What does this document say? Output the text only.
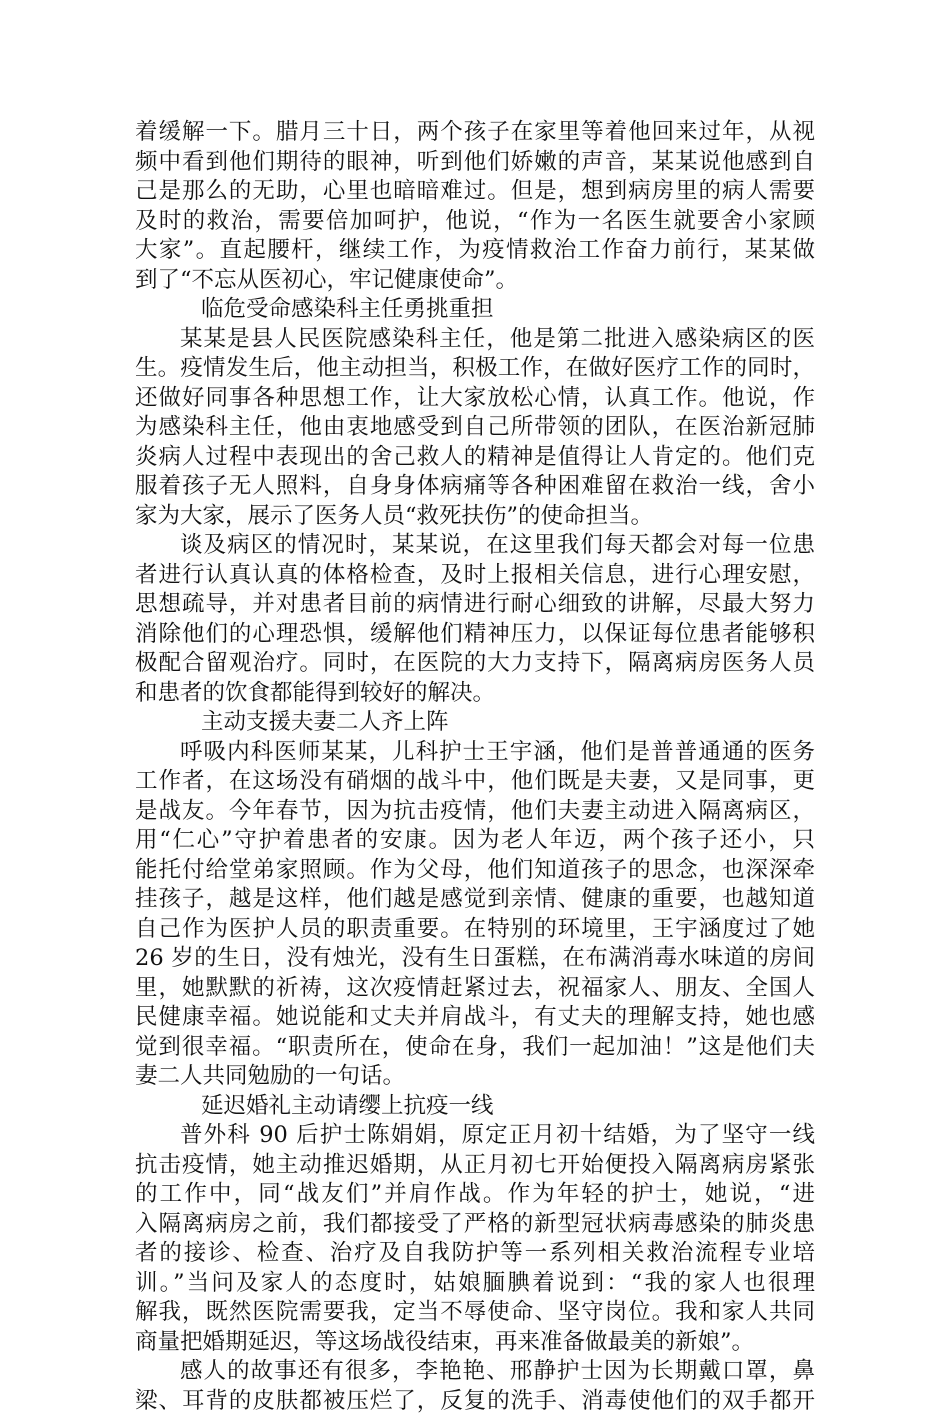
着缓解一下。腊月三十日，两个孩子在家里等着他回来过年，从视
频中看到他们期待的眼神，听到他们娇嫩的声音，某某说他感到自
己是那么的无助，心里也暗暗难过。但是，想到病房里的病人需要
及时的救治，需要倍加呵护，他说，“作为一名医生就要舍小家顾
大家”。直起腰杆，继续工作，为疫情救治工作奋力前行，某某做
到了“不忘从医初心，牢记健康使命”。
临危受命感染科主任勇挑重担
某某是县人民医院感染科主任，他是第二批进入感染病区的医
生。疫情发生后，他主动担当，积极工作，在做好医疗工作的同时，
还做好同事各种思想工作，让大家放松心情，认真工作。他说，作
为感染科主任，他由衷地感受到自己所带领的团队，在医治新冠肺
炎病人过程中表现出的舍己救人的精神是值得让人肯定的。他们克
服着孩子无人照料，自身身体病痛等各种困难留在救治一线，舍小
家为大家，展示了医务人员“救死扶伤”的使命担当。
谈及病区的情况时，某某说，在这里我们每天都会对每一位患
者进行认真认真的体格检查，及时上报相关信息，进行心理安慰，
思想疏导，并对患者目前的病情进行耐心细致的讲解，尽最大努力
消除他们的心理恐惧，缓解他们精神压力，以保证每位患者能够积
极配合留观治疗。同时，在医院的大力支持下，隔离病房医务人员
和患者的饮食都能得到较好的解决。
主动支援夫妻二人齐上阵
呼吸内科医师某某，儿科护士王宇涵，他们是普普通通的医务
工作者，在这场没有硝烟的战斗中，他们既是夫妻，又是同事，更
是战友。今年春节，因为抗击疫情，他们夫妻主动进入隔离病区，
用“仁心”守护着患者的安康。因为老人年迈，两个孩子还小，只
能托付给堂弟家照顾。作为父母，他们知道孩子的思念，也深深牵
挂孩子，越是这样，他们越是感觉到亲情、健康的重要，也越知道
自己作为医护人员的职责重要。在特别的环境里，王宇涵度过了她
26 岁的生日，没有烛光，没有生日蛋糕，在布满消毒水味道的房间
里，她默默的祈祷，这次疫情赶紧过去，祝福家人、朋友、全国人
民健康幸福。她说能和丈夫并肩战斗，有丈夫的理解支持，她也感
觉到很幸福。“职责所在，使命在身，我们一起加油！”这是他们夫
妻二人共同勉励的一句话。
延迟婚礼主动请缨上抗疫一线
普外科 90 后护士陈娟娟，原定正月初十结婚，为了坚守一线
抗击疫情，她主动推迟婚期，从正月初七开始便投入隔离病房紧张
的工作中，同“战友们”并肩作战。作为年轻的护士，她说，“进
入隔离病房之前，我们都接受了严格的新型冠状病毒感染的肺炎患
者的接诊、检查、治疗及自我防护等一系列相关救治流程专业培
训。”当问及家人的态度时，姑娘腼腆着说到：“我的家人也很理
解我，既然医院需要我，定当不辱使命、坚守岗位。我和家人共同
商量把婚期延迟，等这场战役结束，再来准备做最美的新娘”。
感人的故事还有很多，李艳艳、邢静护士因为长期戴口罩，鼻
梁、耳背的皮肤都被压烂了，反复的洗手、消毒使他们的双手都开
